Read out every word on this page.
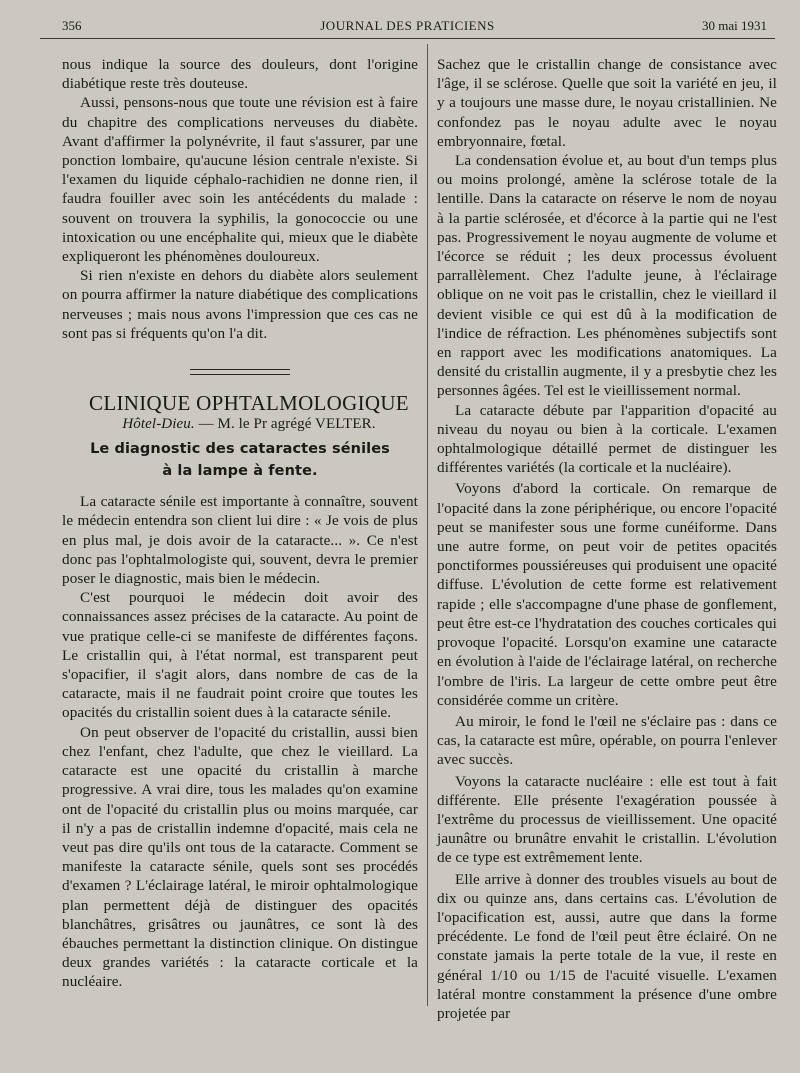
356	JOURNAL DES PRATICIENS	30 mai 1931

nous indique la source des douleurs, dont l'origine diabétique reste très douteuse.

Aussi, pensons-nous que toute une révision est à faire du chapitre des complications nerveuses du diabète. Avant d'affirmer la polynévrite, il faut s'assurer, par une ponction lombaire, qu'aucune lésion centrale n'existe. Si l'examen du liquide céphalo-rachidien ne donne rien, il faudra fouiller avec soin les antécédents du malade : souvent on trouvera la syphilis, la gonococcie ou une intoxication ou une encéphalite qui, mieux que le diabète expliqueront les phénomènes douloureux.

Si rien n'existe en dehors du diabète alors seulement on pourra affirmer la nature diabétique des complications nerveuses ; mais nous avons l'impression que ces cas ne sont pas si fréquents qu'on l'a dit.

CLINIQUE OPHTALMOLOGIQUE

Hôtel-Dieu. — M. le Pr agrégé VELTER.

Le diagnostic des cataractes séniles
à la lampe à fente.

La cataracte sénile est importante à connaître, souvent le médecin entendra son client lui dire : « Je vois de plus en plus mal, je dois avoir de la cataracte... ». Ce n'est donc pas l'ophtalmologiste qui, souvent, devra le premier poser le diagnostic, mais bien le médecin.

C'est pourquoi le médecin doit avoir des connaissances assez précises de la cataracte. Au point de vue pratique celle-ci se manifeste de différentes façons. Le cristallin qui, à l'état normal, est transparent peut s'opacifier, il s'agit alors, dans nombre de cas de la cataracte, mais il ne faudrait point croire que toutes les opacités du cristallin soient dues à la cataracte sénile.

On peut observer de l'opacité du cristallin, aussi bien chez l'enfant, chez l'adulte, que chez le vieillard. La cataracte est une opacité du cristallin à marche progressive. A vrai dire, tous les malades qu'on examine ont de l'opacité du cristallin plus ou moins marquée, car il n'y a pas de cristallin indemne d'opacité, mais cela ne veut pas dire qu'ils ont tous de la cataracte. Comment se manifeste la cataracte sénile, quels sont ses procédés d'examen ? L'éclairage latéral, le miroir ophtalmologique plan permettent déjà de distinguer des opacités blanchâtres, grisâtres ou jaunâtres, ce sont là des ébauches permettant la distinction clinique. On distingue deux grandes variétés : la cataracte corticale et la nucléaire.

Sachez que le cristallin change de consistance avec l'âge, il se sclérose. Quelle que soit la variété en jeu, il y a toujours une masse dure, le noyau cristallinien. Ne confondez pas le noyau adulte avec le noyau embryonnaire, fœtal.

La condensation évolue et, au bout d'un temps plus ou moins prolongé, amène la sclérose totale de la lentille. Dans la cataracte on réserve le nom de noyau à la partie sclérosée, et d'écorce à la partie qui ne l'est pas. Progressivement le noyau augmente de volume et l'écorce se réduit ; les deux processus évoluent parrallèlement. Chez l'adulte jeune, à l'éclairage oblique on ne voit pas le cristallin, chez le vieillard il devient visible ce qui est dû à la modification de l'indice de réfraction. Les phénomènes subjectifs sont en rapport avec les modifications anatomiques. La densité du cristallin augmente, il y a presbytie chez les personnes âgées. Tel est le vieillissement normal.

La cataracte débute par l'apparition d'opacité au niveau du noyau ou bien à la corticale. L'examen ophtalmologique détaillé permet de distinguer les différentes variétés (la corticale et la nucléaire).

Voyons d'abord la corticale. On remarque de l'opacité dans la zone périphérique, ou encore l'opacité peut se manifester sous une forme cunéiforme. Dans une autre forme, on peut voir de petites opacités ponctiformes poussiéreuses qui produisent une opacité diffuse. L'évolution de cette forme est relativement rapide ; elle s'accompagne d'une phase de gonflement, peut être est-ce l'hydratation des couches corticales qui provoque l'opacité. Lorsqu'on examine une cataracte en évolution à l'aide de l'éclairage latéral, on recherche l'ombre de l'iris. La largeur de cette ombre peut être considérée comme un critère.

Au miroir, le fond le l'œil ne s'éclaire pas : dans ce cas, la cataracte est mûre, opérable, on pourra l'enlever avec succès.

Voyons la cataracte nucléaire : elle est tout à fait différente. Elle présente l'exagération poussée à l'extrême du processus de vieillissement. Une opacité jaunâtre ou brunâtre envahit le cristallin. L'évolution de ce type est extrêmement lente.

Elle arrive à donner des troubles visuels au bout de dix ou quinze ans, dans certains cas. L'évolution de l'opacification est, aussi, autre que dans la forme précédente. Le fond de l'œil peut être éclairé. On ne constate jamais la perte totale de la vue, il reste en général 1/10 ou 1/15 de l'acuité visuelle. L'examen latéral montre constamment la présence d'une ombre projetée par
